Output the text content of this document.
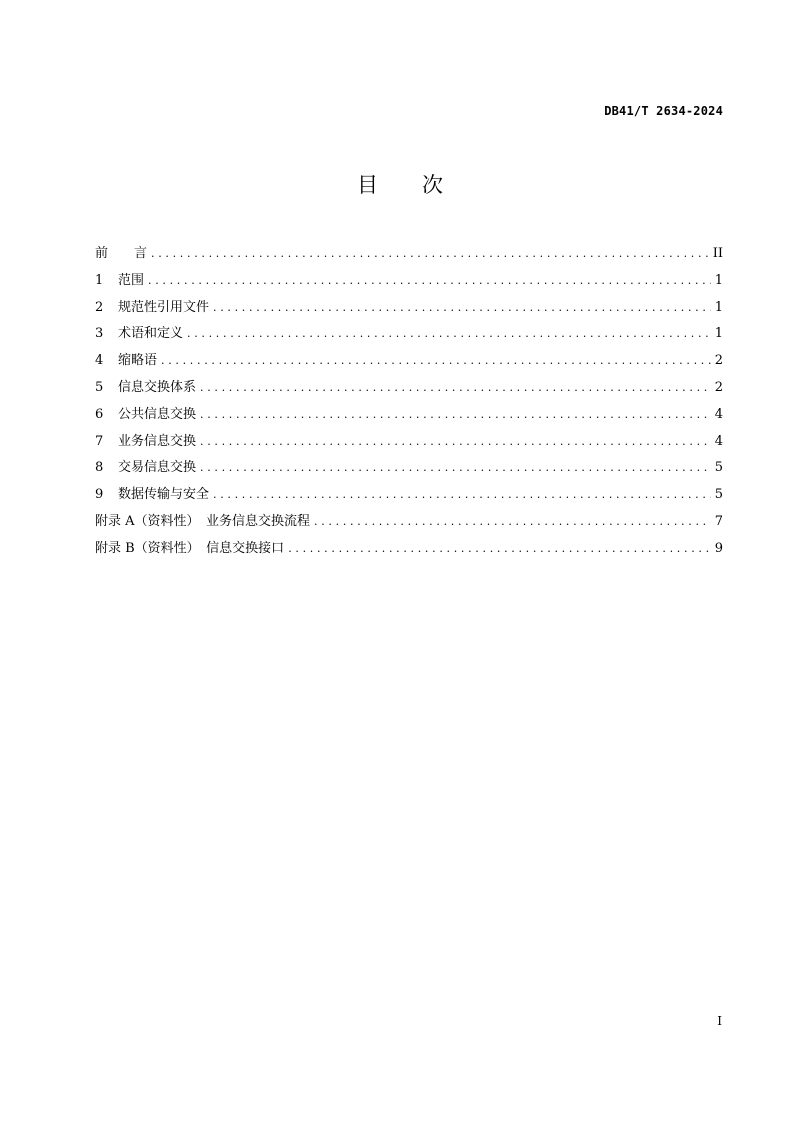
DB41/T 2634-2024
目次
前　　言 .....	II
1 范围 .....	1
2 规范性引用文件 .....	1
3 术语和定义 .....	1
4 缩略语 .....	2
5 信息交换体系 .....	2
6 公共信息交换 .....	4
7 业务信息交换 .....	4
8 交易信息交换 .....	5
9 数据传输与安全 .....	5
附录 A（资料性）　业务信息交换流程 .....	7
附录 B（资料性）　信息交换接口 .....	9
I
